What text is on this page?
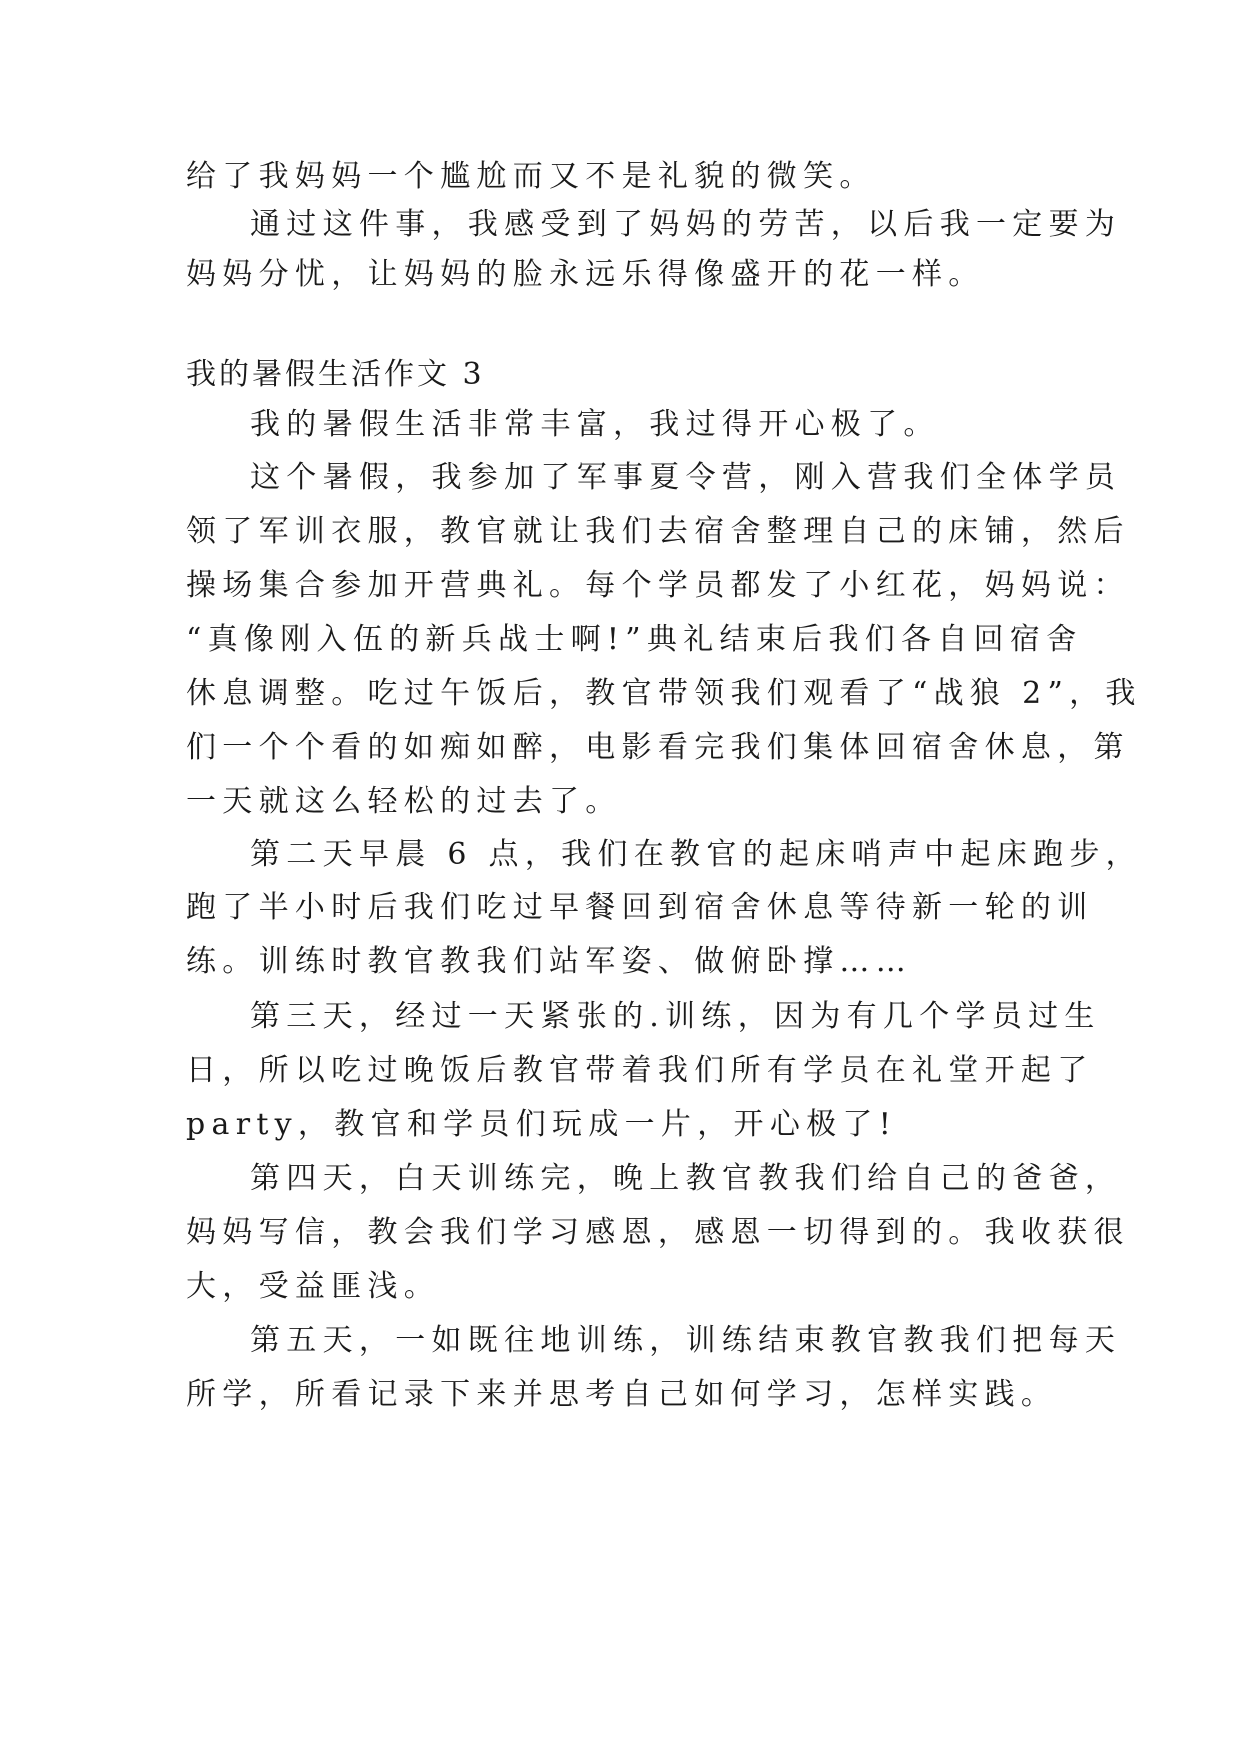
给了我妈妈一个尴尬而又不是礼貌的微笑。
通过这件事，我感受到了妈妈的劳苦，以后我一定要为
妈妈分忧，让妈妈的脸永远乐得像盛开的花一样。
我的暑假生活作文 3
我的暑假生活非常丰富，我过得开心极了。
这个暑假，我参加了军事夏令营，刚入营我们全体学员
领了军训衣服，教官就让我们去宿舍整理自己的床铺，然后
操场集合参加开营典礼。每个学员都发了小红花，妈妈说：
“真像刚入伍的新兵战士啊!”典礼结束后我们各自回宿舍
休息调整。吃过午饭后，教官带领我们观看了“战狼 2”，我
们一个个看的如痴如醉，电影看完我们集体回宿舍休息，第
一天就这么轻松的过去了。
第二天早晨 6 点，我们在教官的起床哨声中起床跑步，
跑了半小时后我们吃过早餐回到宿舍休息等待新一轮的训
练。训练时教官教我们站军姿、做俯卧撑……
第三天，经过一天紧张的.训练，因为有几个学员过生
日，所以吃过晚饭后教官带着我们所有学员在礼堂开起了
party，教官和学员们玩成一片，开心极了!
第四天，白天训练完，晚上教官教我们给自己的爸爸，
妈妈写信，教会我们学习感恩，感恩一切得到的。我收获很
大，受益匪浅。
第五天，一如既往地训练，训练结束教官教我们把每天
所学，所看记录下来并思考自己如何学习，怎样实践。
